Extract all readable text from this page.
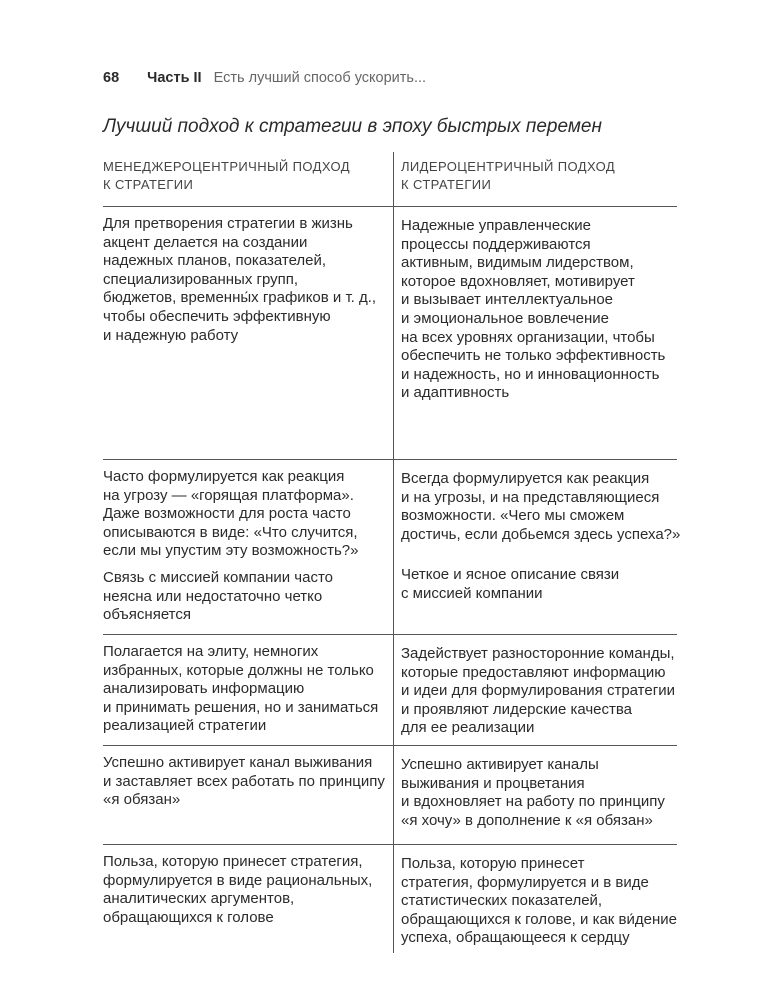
68 Часть II Есть лучший способ ускорить...
Лучший подход к стратегии в эпоху быстрых перемен
МЕНЕДЖЕРОЦЕНТРИЧНЫЙ ПОДХОД
К СТРАТЕГИИ
ЛИДЕРОЦЕНТРИЧНЫЙ ПОДХОД
К СТРАТЕГИИ

Для претворения стратегии в жизнь
акцент делается на создании
надежных планов, показателей,
специализированных групп,
бюджетов, временны́х графиков и т. д.,
чтобы обеспечить эффективную
и надежную работу

Надежные управленческие
процессы поддерживаются
активным, видимым лидерством,
которое вдохновляет, мотивирует
и вызывает интеллектуальное
и эмоциональное вовлечение
на всех уровнях организации, чтобы
обеспечить не только эффективность
и надежность, но и инновационность
и адаптивность

Часто формулируется как реакция
на угрозу — «горящая платформа».
Даже возможности для роста часто
описываются в виде: «Что случится,
если мы упустим эту возможность?»

Связь с миссией компании часто
неясна или недостаточно четко
объясняется

Всегда формулируется как реакция
и на угрозы, и на представляющиеся
возможности. «Чего мы сможем
достичь, если добьемся здесь успеха?»

Четкое и ясное описание связи
с миссией компании

Полагается на элиту, немногих
избранных, которые должны не только
анализировать информацию
и принимать решения, но и заниматься
реализацией стратегии

Задействует разносторонние команды,
которые предоставляют информацию
и идеи для формулирования стратегии
и проявляют лидерские качества
для ее реализации

Успешно активирует канал выживания
и заставляет всех работать по принципу
«я обязан»

Успешно активирует каналы
выживания и процветания
и вдохновляет на работу по принципу
«я хочу» в дополнение к «я обязан»

Польза, которую принесет стратегия,
формулируется в виде рациональных,
аналитических аргументов,
обращающихся к голове

Польза, которую принесет
стратегия, формулируется и в виде
статистических показателей,
обращающихся к голове, и как ви́дение
успеха, обращающееся к сердцу
